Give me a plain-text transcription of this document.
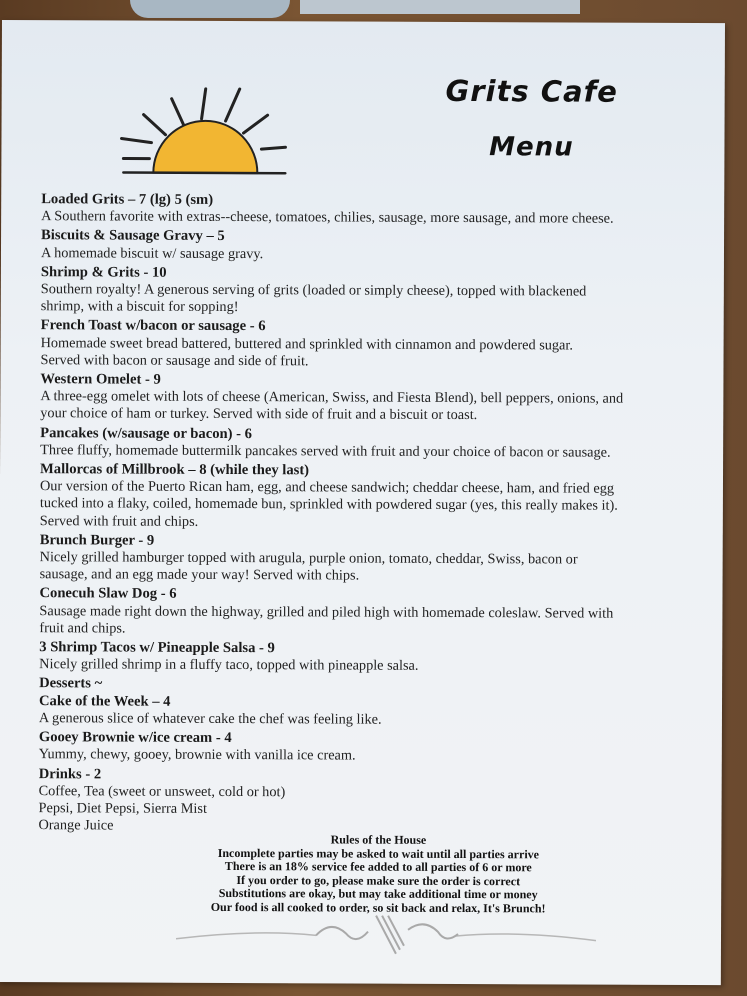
Grits Cafe
Menu
Loaded Grits – 7 (lg) 5 (sm)
A Southern favorite with extras--cheese, tomatoes, chilies, sausage, more sausage, and more cheese.
Biscuits & Sausage Gravy – 5
A homemade biscuit w/ sausage gravy.
Shrimp & Grits - 10
Southern royalty! A generous serving of grits (loaded or simply cheese), topped with blackened
shrimp, with a biscuit for sopping!
French Toast w/bacon or sausage - 6
Homemade sweet bread battered, buttered and sprinkled with cinnamon and powdered sugar.
Served with bacon or sausage and side of fruit.
Western Omelet - 9
A three-egg omelet with lots of cheese (American, Swiss, and Fiesta Blend), bell peppers, onions, and
your choice of ham or turkey. Served with side of fruit and a biscuit or toast.
Pancakes (w/sausage or bacon) - 6
Three fluffy, homemade buttermilk pancakes served with fruit and your choice of bacon or sausage.
Mallorcas of Millbrook – 8 (while they last)
Our version of the Puerto Rican ham, egg, and cheese sandwich; cheddar cheese, ham, and fried egg
tucked into a flaky, coiled, homemade bun, sprinkled with powdered sugar (yes, this really makes it).
Served with fruit and chips.
Brunch Burger - 9
Nicely grilled hamburger topped with arugula, purple onion, tomato, cheddar, Swiss, bacon or
sausage, and an egg made your way! Served with chips.
Conecuh Slaw Dog - 6
Sausage made right down the highway, grilled and piled high with homemade coleslaw. Served with
fruit and chips.
3 Shrimp Tacos w/ Pineapple Salsa - 9
Nicely grilled shrimp in a fluffy taco, topped with pineapple salsa.
Desserts ~
Cake of the Week – 4
A generous slice of whatever cake the chef was feeling like.
Gooey Brownie w/ice cream - 4
Yummy, chewy, gooey, brownie with vanilla ice cream.
Drinks - 2
Coffee, Tea (sweet or unsweet, cold or hot)
Pepsi, Diet Pepsi, Sierra Mist
Orange Juice
Rules of the House
Incomplete parties may be asked to wait until all parties arrive
There is an 18% service fee added to all parties of 6 or more
If you order to go, please make sure the order is correct
Substitutions are okay, but may take additional time or money
Our food is all cooked to order, so sit back and relax, It's Brunch!
